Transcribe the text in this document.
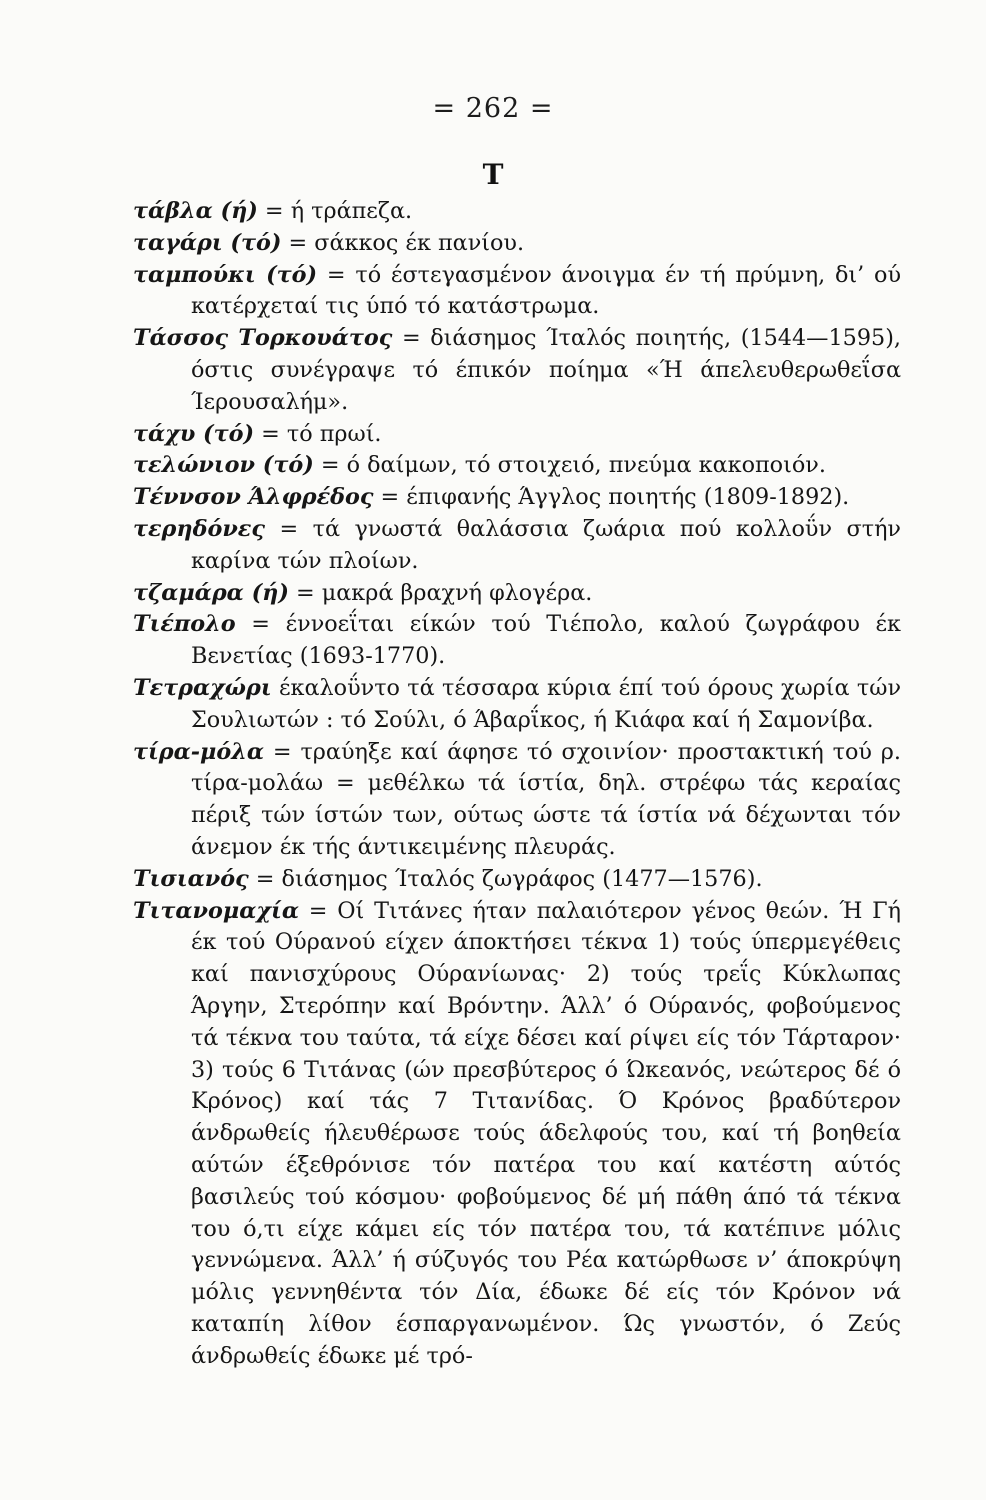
= 262 =
Τ

τάβλα (ή) = ή τράπεζα.

ταγάρι (τό) = σάκκος έκ πανίου.

ταμπούκι (τό) = τό έστεγασμένον άνοιγμα έν τή πρύμνη, δι’ ού κατέρχεταί τις ύπό τό κατάστρωμα.

Τάσσος Τορκουάτος = διάσημος Ίταλός ποιητής, (1544—1595), όστις συνέγραψε τό έπικόν ποίημα «Ή άπελευθερωθεΐσα Ίερουσαλήμ».

τάχυ (τό) = τό πρωί.

τελώνιον (τό) = ό δαίμων, τό στοιχειό, πνεύμα κακοποιόν.

Τέννσον Άλφρέδος = έπιφανής Άγγλος ποιητής (1809-1892).

τερηδόνες = τά γνωστά θαλάσσια ζωάρια πού κολλοΰν στήν καρίνα τών πλοίων.

τζαμάρα (ή) = μακρά βραχνή φλογέρα.

Τιέπολο = έννοεΐται είκών τού Τιέπολο, καλού ζωγράφου έκ Βενετίας (1693-1770).

Τετραχώρι έκαλοΰντο τά τέσσαρα κύρια έπί τού όρους χωρία τών Σουλιωτών : τό Σούλι, ό Άβαρΐκος, ή Κιάφα καί ή Σαμονίβα.

τίρα-μόλα = τραύηξε καί άφησε τό σχοινίον· προστακτική τού ρ. τίρα-μολάω = μεθέλκω τά ίστία, δηλ. στρέφω τάς κεραίας πέριξ τών ίστών των, ούτως ώστε τά ίστία νά δέχωνται τόν άνεμον έκ τής άντικειμένης πλευράς.

Τισιανός = διάσημος Ίταλός ζωγράφος (1477—1576).

Τιτανομαχία = Οί Τιτάνες ήταν παλαιότερον γένος θεών. Ή Γή έκ τού Ούρανού είχεν άποκτήσει τέκνα 1) τούς ύπερμεγέθεις καί πανισχύρους Ούρανίωνας· 2) τούς τρεΐς Κύκλωπας Άργην, Στερόπην καί Βρόντην. Άλλ’ ό Ούρανός, φοβούμενος τά τέκνα του ταύτα, τά είχε δέσει καί ρίψει είς τόν Τάρταρον· 3) τούς 6 Τιτάνας (ών πρεσβύτερος ό Ώκεανός, νεώτερος δέ ό Κρόνος) καί τάς 7 Τιτανίδας. Ό Κρόνος βραδύτερον άνδρωθείς ήλευθέρωσε τούς άδελφούς του, καί τή βοηθεία αύτών έξεθρόνισε τόν πατέρα του καί κατέστη αύτός βασιλεύς τού κόσμου· φοβούμενος δέ μή πάθη άπό τά τέκνα του ό,τι είχε κάμει είς τόν πατέρα του, τά κατέπινε μόλις γεννώμενα. Άλλ’ ή σύζυγός του Ρέα κατώρθωσε ν’ άποκρύψη μόλις γεννηθέντα τόν Δία, έδωκε δέ είς τόν Κρόνον νά καταπίη λίθον έσπαργανωμένον. Ώς γνωστόν, ό Ζεύς άνδρωθείς έδωκε μέ τρό-
